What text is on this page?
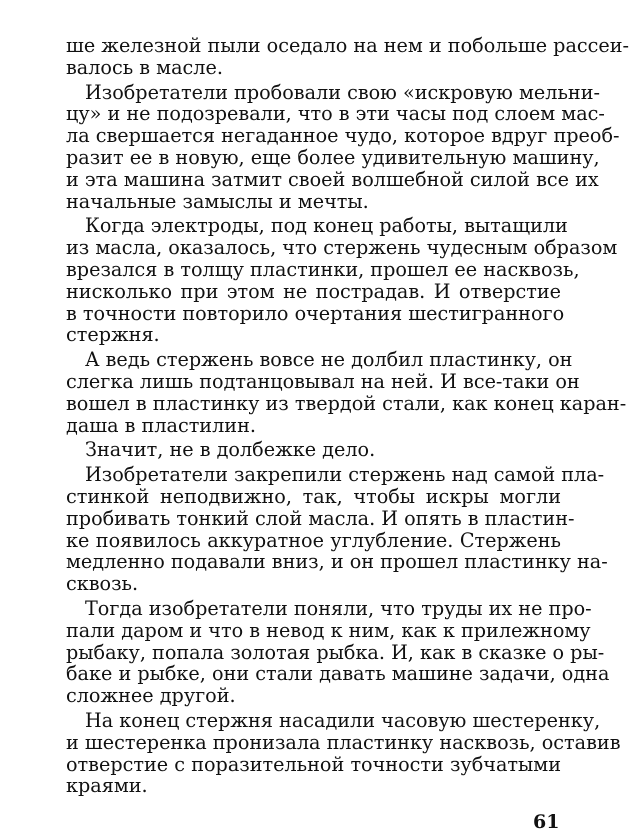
ше железной пыли оседало на нем и побольше рассеи-
валось в масле.
Изобретатели пробовали свою «искровую мельни-
цу» и не подозревали, что в эти часы под слоем мас-
ла свершается негаданное чудо, которое вдруг преоб-
разит ее в новую, еще более удивительную машину,
и эта машина затмит своей волшебной силой все их
начальные замыслы и мечты.
Когда электроды, под конец работы, вытащили
из масла, оказалось, что стержень чудесным образом
врезался в толщу пластинки, прошел ее насквозь,
нисколько при этом не пострадав. И отверстие
в точности повторило очертания шестигранного
стержня.
А ведь стержень вовсе не долбил пластинку, он
слегка лишь подтанцовывал на ней. И все-таки он
вошел в пластинку из твердой стали, как конец каран-
даша в пластилин.
Значит, не в долбежке дело.
Изобретатели закрепили стержень над самой пла-
стинкой неподвижно, так, чтобы искры могли
пробивать тонкий слой масла. И опять в пластин-
ке появилось аккуратное углубление. Стержень
медленно подавали вниз, и он прошел пластинку на-
сквозь.
Тогда изобретатели поняли, что труды их не про-
пали даром и что в невод к ним, как к прилежному
рыбаку, попала золотая рыбка. И, как в сказке о ры-
баке и рыбке, они стали давать машине задачи, одна
сложнее другой.
На конец стержня насадили часовую шестеренку,
и шестеренка пронизала пластинку насквозь, оставив
отверстие с поразительной точности зубчатыми
краями.
61
